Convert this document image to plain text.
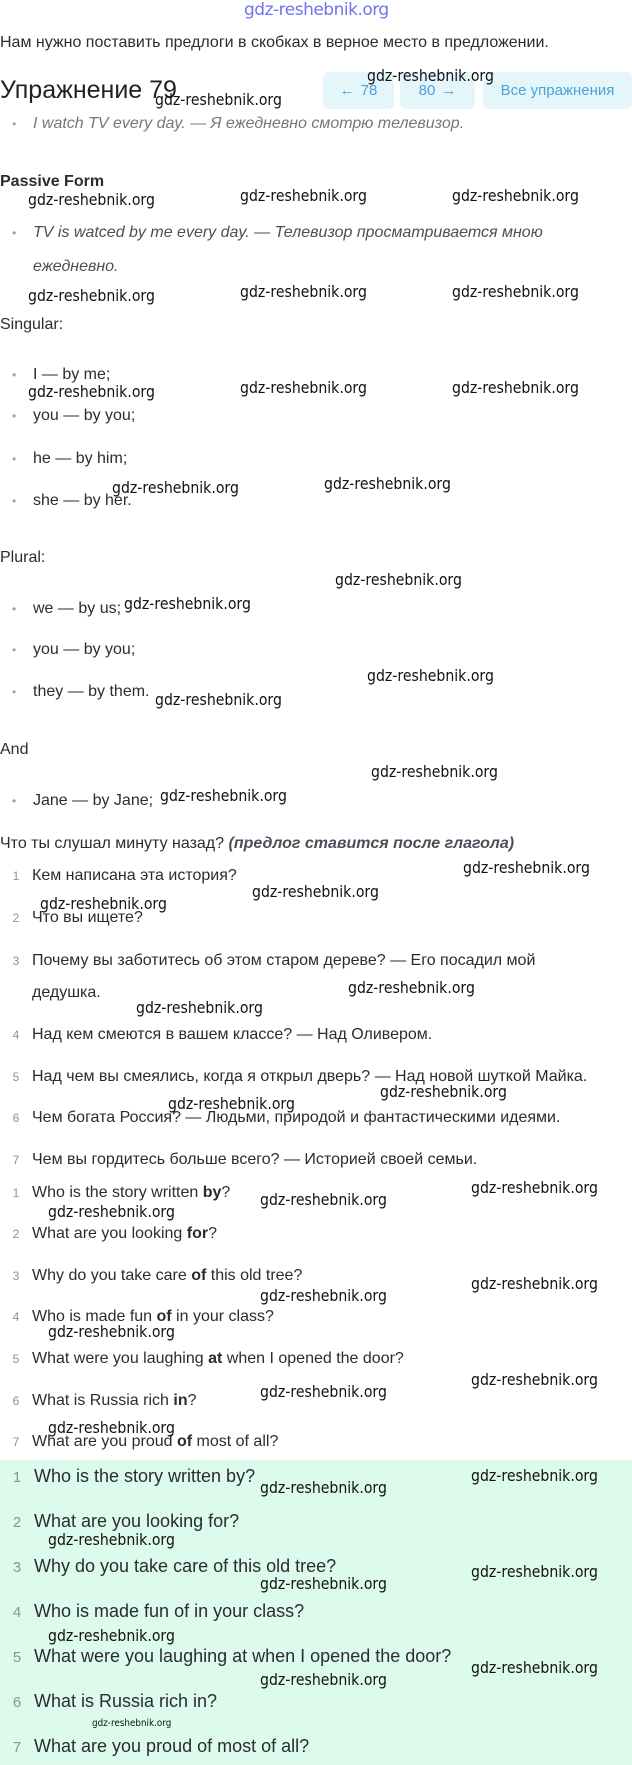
gdz-reshebnik.org
Нам нужно поставить предлоги в скобках в верное место в предложении.
Упражнение 79	← 78	80 →	Все упражнения
• I watch TV every day. — Я ежедневно смотрю телевизор.
Passive Form
• TV is watced by me every day. — Телевизор просматривается мною
ежедневно.
Singular:
• I — by me;
• you — by you;
• he — by him;
• she — by her.
Plural:
• we — by us;
• you — by you;
• they — by them.
And
• Jane — by Jane;
Что ты слушал минуту назад? (предлог ставится после глагола)
1 Кем написана эта история?
2 Что вы ищете?
3 Почему вы заботитесь об этом старом дереве? — Его посадил мой
дедушка.
4 Над кем смеются в вашем классе? — Над Оливером.
5 Над чем вы смеялись, когда я открыл дверь? — Над новой шуткой Майка.
6 Чем богата Россия? — Людьми, природой и фантастическими идеями.
7 Чем вы гордитесь больше всего? — Историей своей семьи.
1 Who is the story written by?
2 What are you looking for?
3 Why do you take care of this old tree?
4 Who is made fun of in your class?
5 What were you laughing at when I opened the door?
6 What is Russia rich in?
7 What are you proud of most of all?
1 Who is the story written by?
2 What are you looking for?
3 Why do you take care of this old tree?
4 Who is made fun of in your class?
5 What were you laughing at when I opened the door?
6 What is Russia rich in?
7 What are you proud of most of all?
gdz-reshebnik.org
gdz-reshebnik.org
gdz-reshebnik.org	gdz-reshebnik.org	gdz-reshebnik.org
gdz-reshebnik.org	gdz-reshebnik.org	gdz-reshebnik.org
gdz-reshebnik.org	gdz-reshebnik.org	gdz-reshebnik.org
gdz-reshebnik.org	gdz-reshebnik.org
gdz-reshebnik.org
gdz-reshebnik.org
gdz-reshebnik.org
gdz-reshebnik.org
gdz-reshebnik.org
gdz-reshebnik.org
gdz-reshebnik.org
gdz-reshebnik.org
gdz-reshebnik.org
gdz-reshebnik.org
gdz-reshebnik.org
gdz-reshebnik.org
gdz-reshebnik.org
gdz-reshebnik.org
gdz-reshebnik.org
gdz-reshebnik.org
gdz-reshebnik.org
gdz-reshebnik.org
gdz-reshebnik.org
gdz-reshebnik.org
gdz-reshebnik.org
gdz-reshebnik.org
gdz-reshebnik.org
gdz-reshebnik.org
gdz-reshebnik.org
gdz-reshebnik.org
gdz-reshebnik.org
gdz-reshebnik.org
gdz-reshebnik.org
gdz-reshebnik.org
gdz-reshebnik.org
